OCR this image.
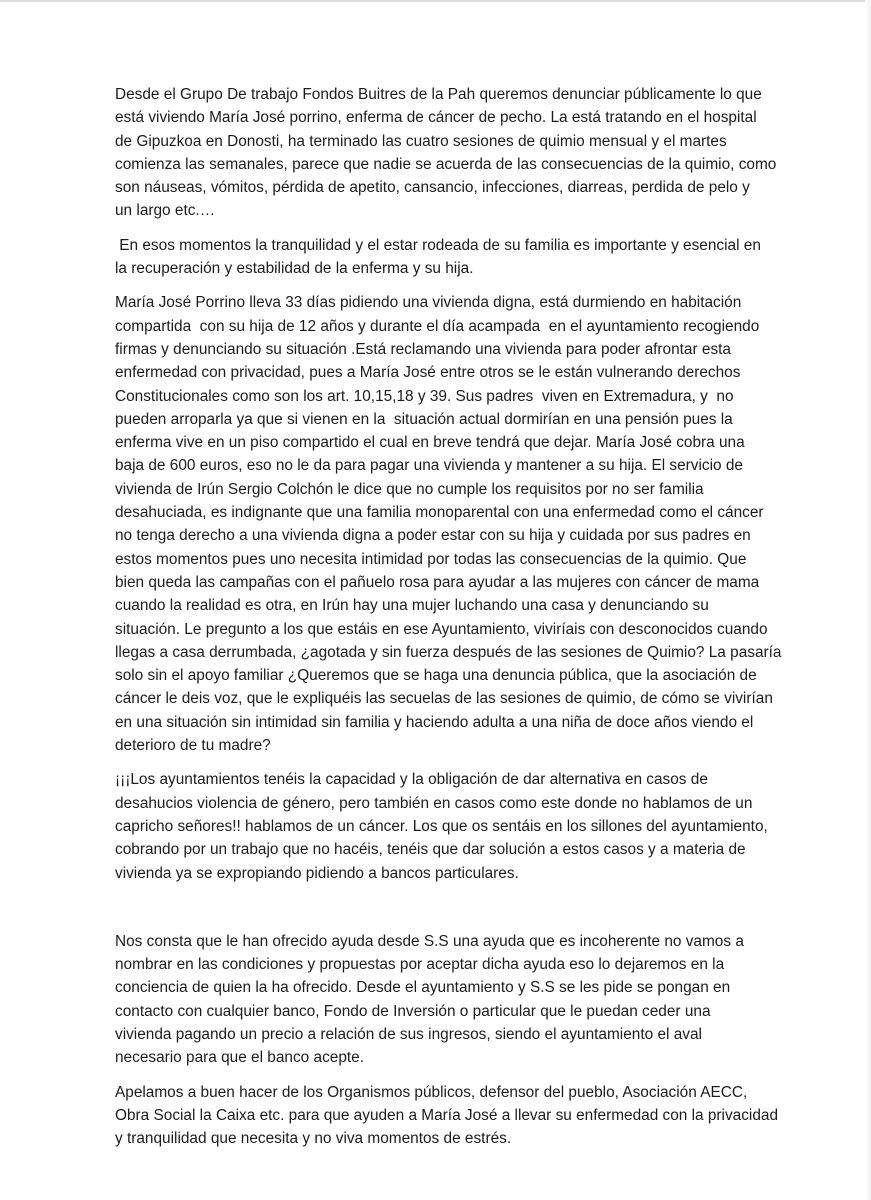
Desde el Grupo De trabajo Fondos Buitres de la Pah queremos denunciar públicamente lo que
está viviendo María José porrino, enferma de cáncer de pecho. La está tratando en el hospital
de Gipuzkoa en Donosti, ha terminado las cuatro sesiones de quimio mensual y el martes
comienza las semanales, parece que nadie se acuerda de las consecuencias de la quimio, como
son náuseas, vómitos, pérdida de apetito, cansancio, infecciones, diarreas, perdida de pelo y
un largo etc.…

En esos momentos la tranquilidad y el estar rodeada de su familia es importante y esencial en
la recuperación y estabilidad de la enferma y su hija.

María José Porrino lleva 33 días pidiendo una vivienda digna, está durmiendo en habitación
compartida  con su hija de 12 años y durante el día acampada  en el ayuntamiento recogiendo
firmas y denunciando su situación .Está reclamando una vivienda para poder afrontar esta
enfermedad con privacidad, pues a María José entre otros se le están vulnerando derechos
Constitucionales como son los art. 10,15,18 y 39. Sus padres  viven en Extremadura, y  no
pueden arroparla ya que si vienen en la  situación actual dormirían en una pensión pues la
enferma vive en un piso compartido el cual en breve tendrá que dejar. María José cobra una
baja de 600 euros, eso no le da para pagar una vivienda y mantener a su hija. El servicio de
vivienda de Irún Sergio Colchón le dice que no cumple los requisitos por no ser familia
desahuciada, es indignante que una familia monoparental con una enfermedad como el cáncer
no tenga derecho a una vivienda digna a poder estar con su hija y cuidada por sus padres en
estos momentos pues uno necesita intimidad por todas las consecuencias de la quimio. Que
bien queda las campañas con el pañuelo rosa para ayudar a las mujeres con cáncer de mama
cuando la realidad es otra, en Irún hay una mujer luchando una casa y denunciando su
situación. Le pregunto a los que estáis en ese Ayuntamiento, viviríais con desconocidos cuando
llegas a casa derrumbada, ¿agotada y sin fuerza después de las sesiones de Quimio? La pasaría
solo sin el apoyo familiar ¿Queremos que se haga una denuncia pública, que la asociación de
cáncer le deis voz, que le expliquéis las secuelas de las sesiones de quimio, de cómo se vivirían
en una situación sin intimidad sin familia y haciendo adulta a una niña de doce años viendo el
deterioro de tu madre?

¡¡¡Los ayuntamientos tenéis la capacidad y la obligación de dar alternativa en casos de
desahucios violencia de género, pero también en casos como este donde no hablamos de un
capricho señores!! hablamos de un cáncer. Los que os sentáis en los sillones del ayuntamiento,
cobrando por un trabajo que no hacéis, tenéis que dar solución a estos casos y a materia de
vivienda ya se expropiando pidiendo a bancos particulares.

Nos consta que le han ofrecido ayuda desde S.S una ayuda que es incoherente no vamos a
nombrar en las condiciones y propuestas por aceptar dicha ayuda eso lo dejaremos en la
conciencia de quien la ha ofrecido. Desde el ayuntamiento y S.S se les pide se pongan en
contacto con cualquier banco, Fondo de Inversión o particular que le puedan ceder una
vivienda pagando un precio a relación de sus ingresos, siendo el ayuntamiento el aval
necesario para que el banco acepte.

Apelamos a buen hacer de los Organismos públicos, defensor del pueblo, Asociación AECC,
Obra Social la Caixa etc. para que ayuden a María José a llevar su enfermedad con la privacidad
y tranquilidad que necesita y no viva momentos de estrés.
